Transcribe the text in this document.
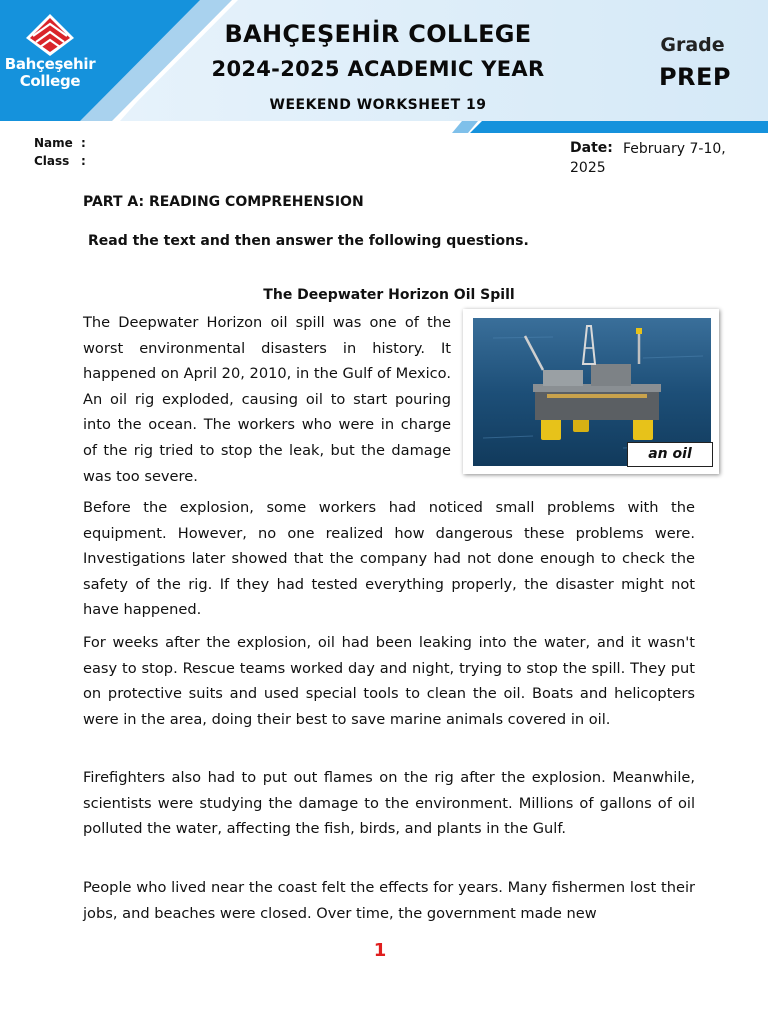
Bahçeşehir
College
BAHÇEŞEHİR COLLEGE
2024-2025 ACADEMIC YEAR
WEEKEND WORKSHEET 19
Grade
PREP
Name :
Class :
Date: February 7-10, 2025
PART A: READING COMPREHENSION
Read the text and then answer the following questions.
The Deepwater Horizon Oil Spill
an oil

The Deepwater Horizon oil spill was one of the worst environmental disasters in history. It happened on April 20, 2010, in the Gulf of Mexico. An oil rig exploded, causing oil to start pouring into the ocean. The workers who were in charge of the rig tried to stop the leak, but the damage was too severe.

Before the explosion, some workers had noticed small problems with the equipment. However, no one realized how dangerous these problems were. Investigations later showed that the company had not done enough to check the safety of the rig. If they had tested everything properly, the disaster might not have happened.

For weeks after the explosion, oil had been leaking into the water, and it wasn't easy to stop. Rescue teams worked day and night, trying to stop the spill. They put on protective suits and used special tools to clean the oil. Boats and helicopters were in the area, doing their best to save marine animals covered in oil.

Firefighters also had to put out flames on the rig after the explosion. Meanwhile, scientists were studying the damage to the environment. Millions of gallons of oil polluted the water, affecting the fish, birds, and plants in the Gulf.

People who lived near the coast felt the effects for years. Many fishermen lost their jobs, and beaches were closed. Over time, the government made new

1
